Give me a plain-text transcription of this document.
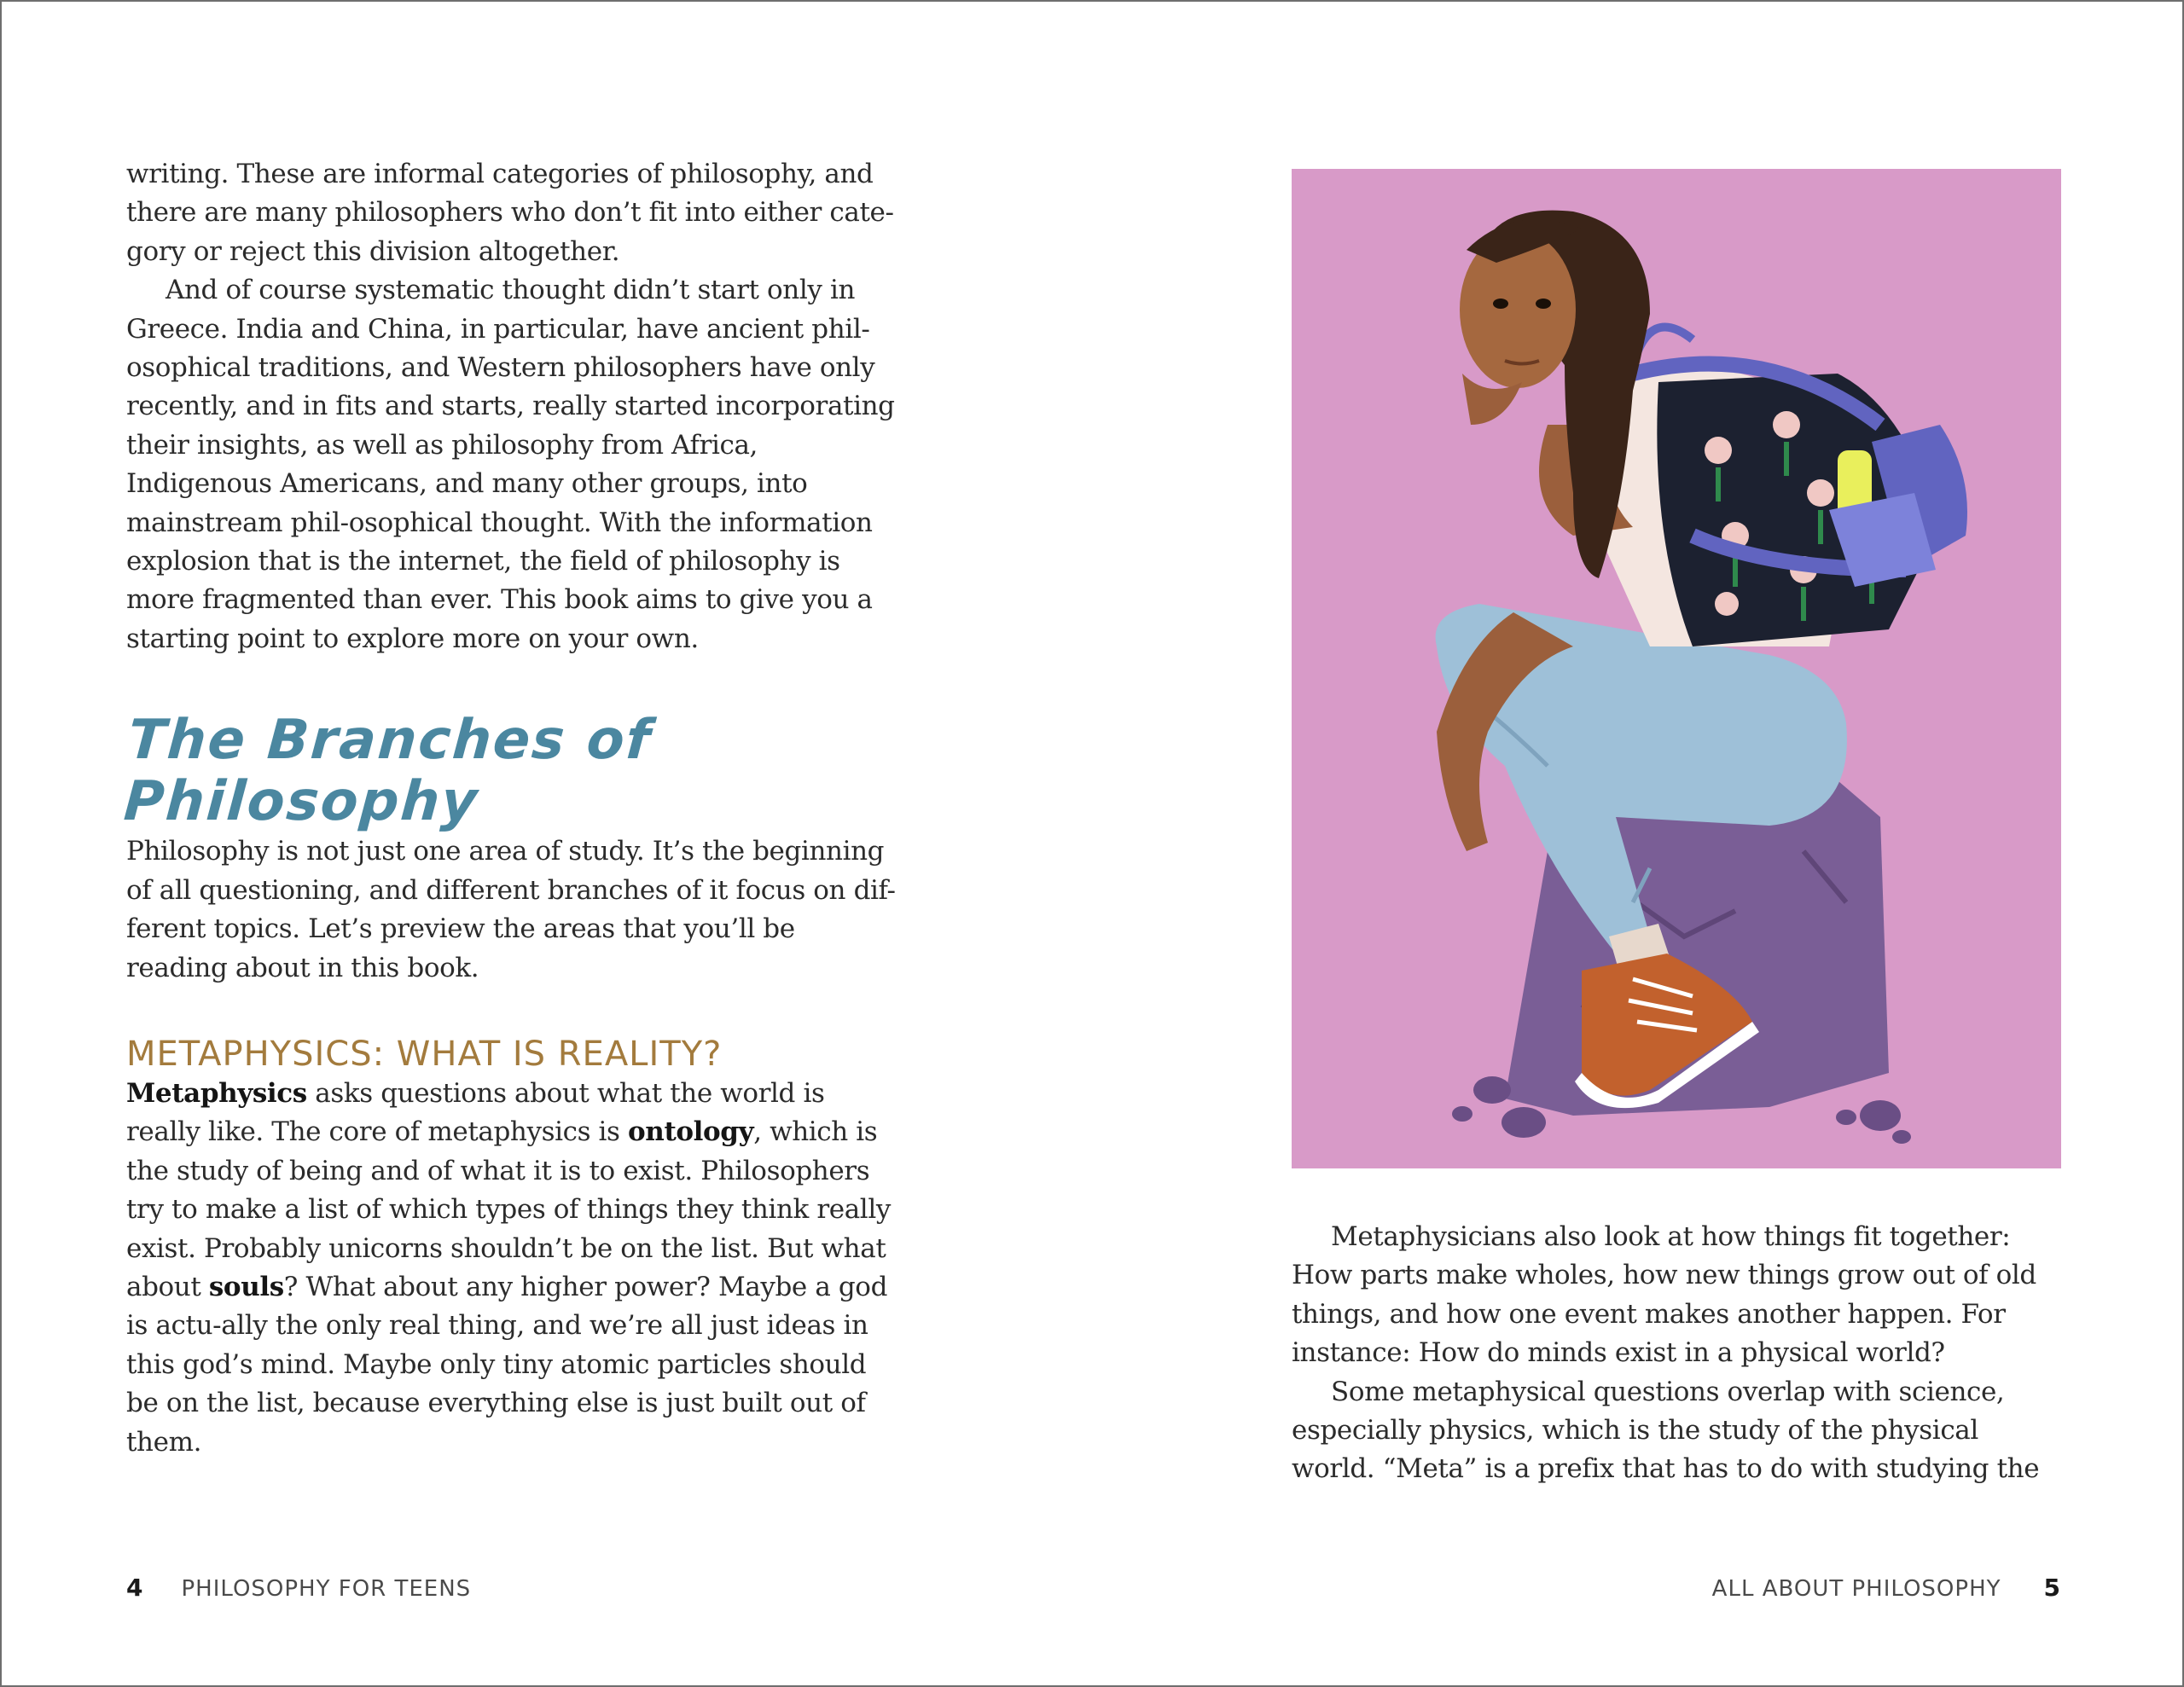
writing. These are informal categories of philosophy, and there are many philosophers who don’t fit into either cate-gory or reject this division altogether.

And of course systematic thought didn’t start only in Greece. India and China, in particular, have ancient phil-osophical traditions, and Western philosophers have only recently, and in fits and starts, really started incorporating their insights, as well as philosophy from Africa, Indigenous Americans, and many other groups, into mainstream phil-osophical thought. With the information explosion that is the internet, the field of philosophy is more fragmented than ever. This book aims to give you a starting point to explore more on your own.

The Branches of Philosophy

Philosophy is not just one area of study. It’s the beginning of all questioning, and different branches of it focus on dif-ferent topics. Let’s preview the areas that you’ll be reading about in this book.

METAPHYSICS: WHAT IS REALITY?

Metaphysics asks questions about what the world is really like. The core of metaphysics is ontology, which is the study of being and of what it is to exist. Philosophers try to make a list of which types of things they think really exist. Probably unicorns shouldn’t be on the list. But what about souls? What about any higher power? Maybe a god is actu-ally the only real thing, and we’re all just ideas in this god’s mind. Maybe only tiny atomic particles should be on the list, because everything else is just built out of them.

Metaphysicians also look at how things fit together: How parts make wholes, how new things grow out of old things, and how one event makes another happen. For instance: How do minds exist in a physical world?

Some metaphysical questions overlap with science, especially physics, which is the study of the physical world. “Meta” is a prefix that has to do with studying the

4 PHILOSOPHY FOR TEENS	ALL ABOUT PHILOSOPHY 5
